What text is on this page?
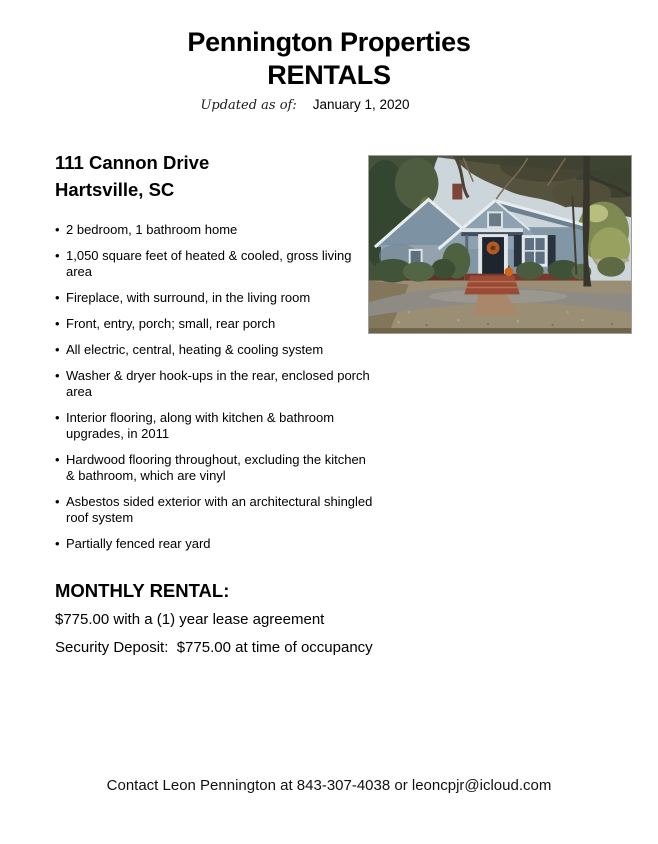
Pennington Properties
RENTALS
Updated as of: January 1, 2020
111 Cannon Drive
Hartsville, SC
• 2 bedroom, 1 bathroom home
• 1,050 square feet of heated & cooled, gross living area
• Fireplace, with surround, in the living room
• Front, entry, porch; small, rear porch
• All electric, central, heating & cooling system
• Washer & dryer hook-ups in the rear, enclosed porch area
• Interior flooring, along with kitchen & bathroom upgrades, in 2011
• Hardwood flooring throughout, excluding the kitchen & bathroom, which are vinyl
• Asbestos sided exterior with an architectural shingled roof system
• Partially fenced rear yard
MONTHLY RENTAL:
$775.00 with a (1) year lease agreement
Security Deposit:  $775.00 at time of occupancy
Contact Leon Pennington at 843-307-4038 or leoncpjr@icloud.com
